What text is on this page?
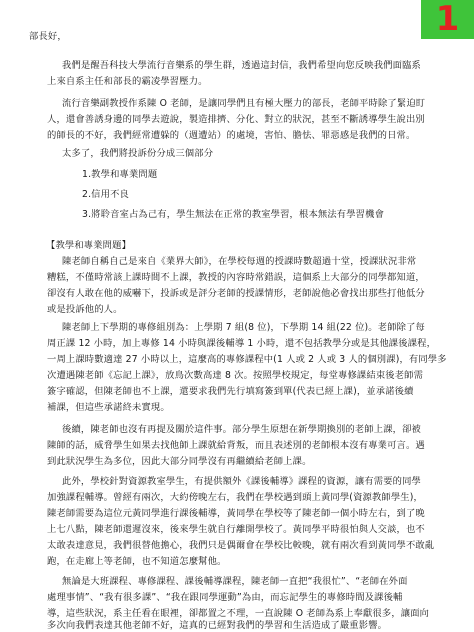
1
部長好，
我們是醒吾科技大學流行音樂系的學生群，透過這封信，我們希望向您反映我們面臨系
上來自系主任和部長的霸凌學習壓力。
流行音樂副教授作系陳 O 老師，是讓同學們且有極大壓力的部長，老師平時除了緊迫盯
人，還會善誘身邊的同學去遊說，製造排擠、分化、對立的狀況，甚至不斷誘導學生說出別
的師長的不好，我們經常遭躲的（週遭站）的處境，害怕、膽怯、罪惡感是我們的日常。
太多了，我們將投訴份分成三個部分
1.教學和專業問題
2.信用不良
3.將聆音室占為己有，學生無法在正常的教室學習，根本無法有學習機會
【教學和專業問題】
陳老師自稱自己是來自《業界大師》，在學校每週的授課時數超過十堂，授課狀況非常
糟糕，不僅時常該上課時間不上課，教授的內容時常錯誤，這個系上大部分的同學都知道，
卻沒有人敢在他的威嚇下，投訴或是評分老師的授課情形，老師說他必會找出那些打他低分
或是投訴他的人。
陳老師上下學期的專修組別為：上學期 7 組(8 位)，下學期 14 組(22 位)。老師除了每
周正課 12 小時，加上專修 14 小時與課後輔導 1 小時，還不包括教學分或是其他課後課程，
一周上課時數適達 27 小時以上，這麼高的專修課程中(1 人或 2 人或 3 人的個別課)，有同學多
次遭遇陳老師《忘記上課》，放鳥次數高達 8 次。按照學校規定，每堂專修課結束後老師需
簽字確認，但陳老師也不上課，還要求我們先行填寫簽到單(代表已經上課)，並承諾後續
補課，但這些承諾終未實現。
後續，陳老師也沒有再提及關於這件事。部分學生原想在新學期換別的老師上課，卻被
陳師的話，威脅學生如果去找他師上課就給背叛，而且表述別的老師根本沒有專業可言。遇
到此狀況學生為多位，因此大部分同學沒有再繼續給老師上課。
此外，學校針對資源教室學生，有提供額外《課後輔導》課程的資源，讓有需要的同學
加強課程輔導。曾經有兩次，大約傍晚左右，我們在學校遇到頭上黃同學(資源教師學生)，
陳老師需要為這位元黃同學進行課後輔導，黃同學在學校等了陳老師一個小時左右，到了晚
上七八點，陳老師還遲沒來，後來學生就自行離開學校了。黃同學平時很怕與人交談，也不
太敢表達意見，我們很替他擔心，我們只是偶爾會在學校比較晚，就有兩次看到黃同學不敢亂
跑，在走廊上等老師，也不知道怎麼幫他。
無論是大班課程、專修課程、課後輔導課程，陳老師一直把“我很忙”、“老師在外面
處理事情”、“我有很多課”、“我在跟同學運動”為由，而忘記學生的專修時間及課後輔
導，這些狀況，系主任看在眼裡，卻都置之不理，一直說陳 O 老師為系上奉獻很多，讓面向
多次向我們表達其他老師不好，這真的已經對我們的學習和生活造成了嚴重影響。
